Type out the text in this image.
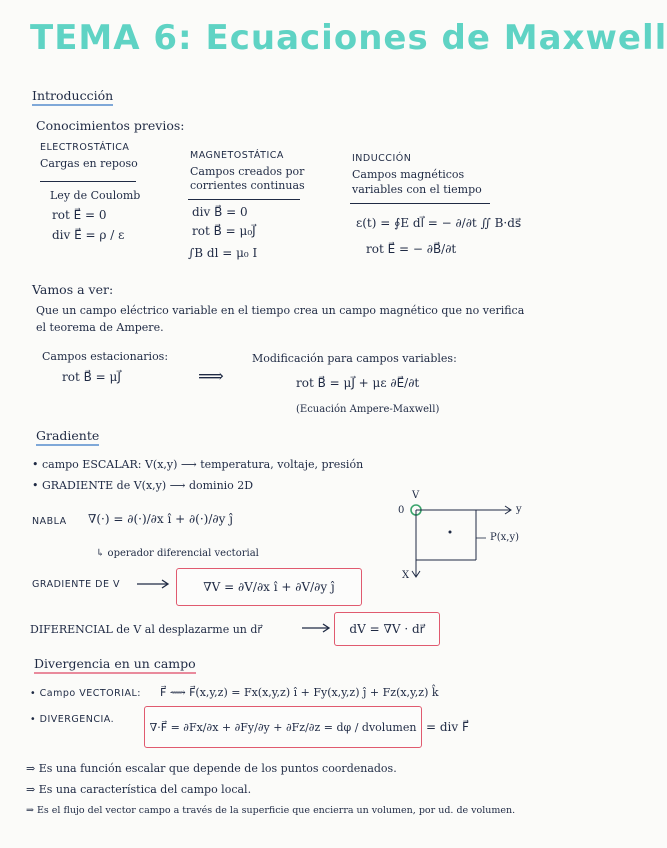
TEMA 6: Ecuaciones de Maxwell
Introducción
Conocimientos previos:
ELECTROSTÁTICA
Cargas en reposo
Ley de Coulomb
rot E⃗ = 0
div E⃗ = ρ / ε
MAGNETOSTÁTICA
Campos creados por
corrientes continuas
div B⃗ = 0
rot B⃗ = μ₀J⃗
∫B dl = μ₀ I
INDUCCIÓN
Campos magnéticos
variables con el tiempo
ε(t) = ∮E dl⃗ = − ∂/∂t ∬ B·ds⃗
rot E⃗ = − ∂B⃗/∂t
Vamos a ver:
Que un campo eléctrico variable en el tiempo crea un campo magnético que no verifica
el teorema de Ampere.
Campos estacionarios:
rot B⃗ = μJ⃗	⟹
Modificación para campos variables:
rot B⃗ = μJ⃗ + με ∂E⃗/∂t
(Ecuación Ampere-Maxwell)
Gradiente
• campo ESCALAR: V(x,y) ⟶ temperatura, voltaje, presión
• GRADIENTE de V(x,y) ⟶ dominio 2D
NABLA ∇(·) = ∂(·)/∂x î + ∂(·)/∂y ĵ
↳ operador diferencial vectorial
GRADIENTE DE V	∇V = ∂V/∂x î + ∂V/∂y ĵ
DIFERENCIAL de V al desplazarme un dr⃗	dV = ∇V · dr⃗
V
0	y
X
P(x,y)
Divergencia en un campo
• Campo VECTORIAL: F⃗ ⟿ F⃗(x,y,z) = Fx(x,y,z) î + Fy(x,y,z) ĵ + Fz(x,y,z) k̂
• DIVERGENCIA.
∇·F⃗ = ∂Fx/∂x + ∂Fy/∂y + ∂Fz/∂z = dφ / dvolumen = div F⃗
⇒ Es una función escalar que depende de los puntos coordenados.
⇒ Es una característica del campo local.
⇒ Es el flujo del vector campo a través de la superficie que encierra un volumen, por ud. de volumen.
